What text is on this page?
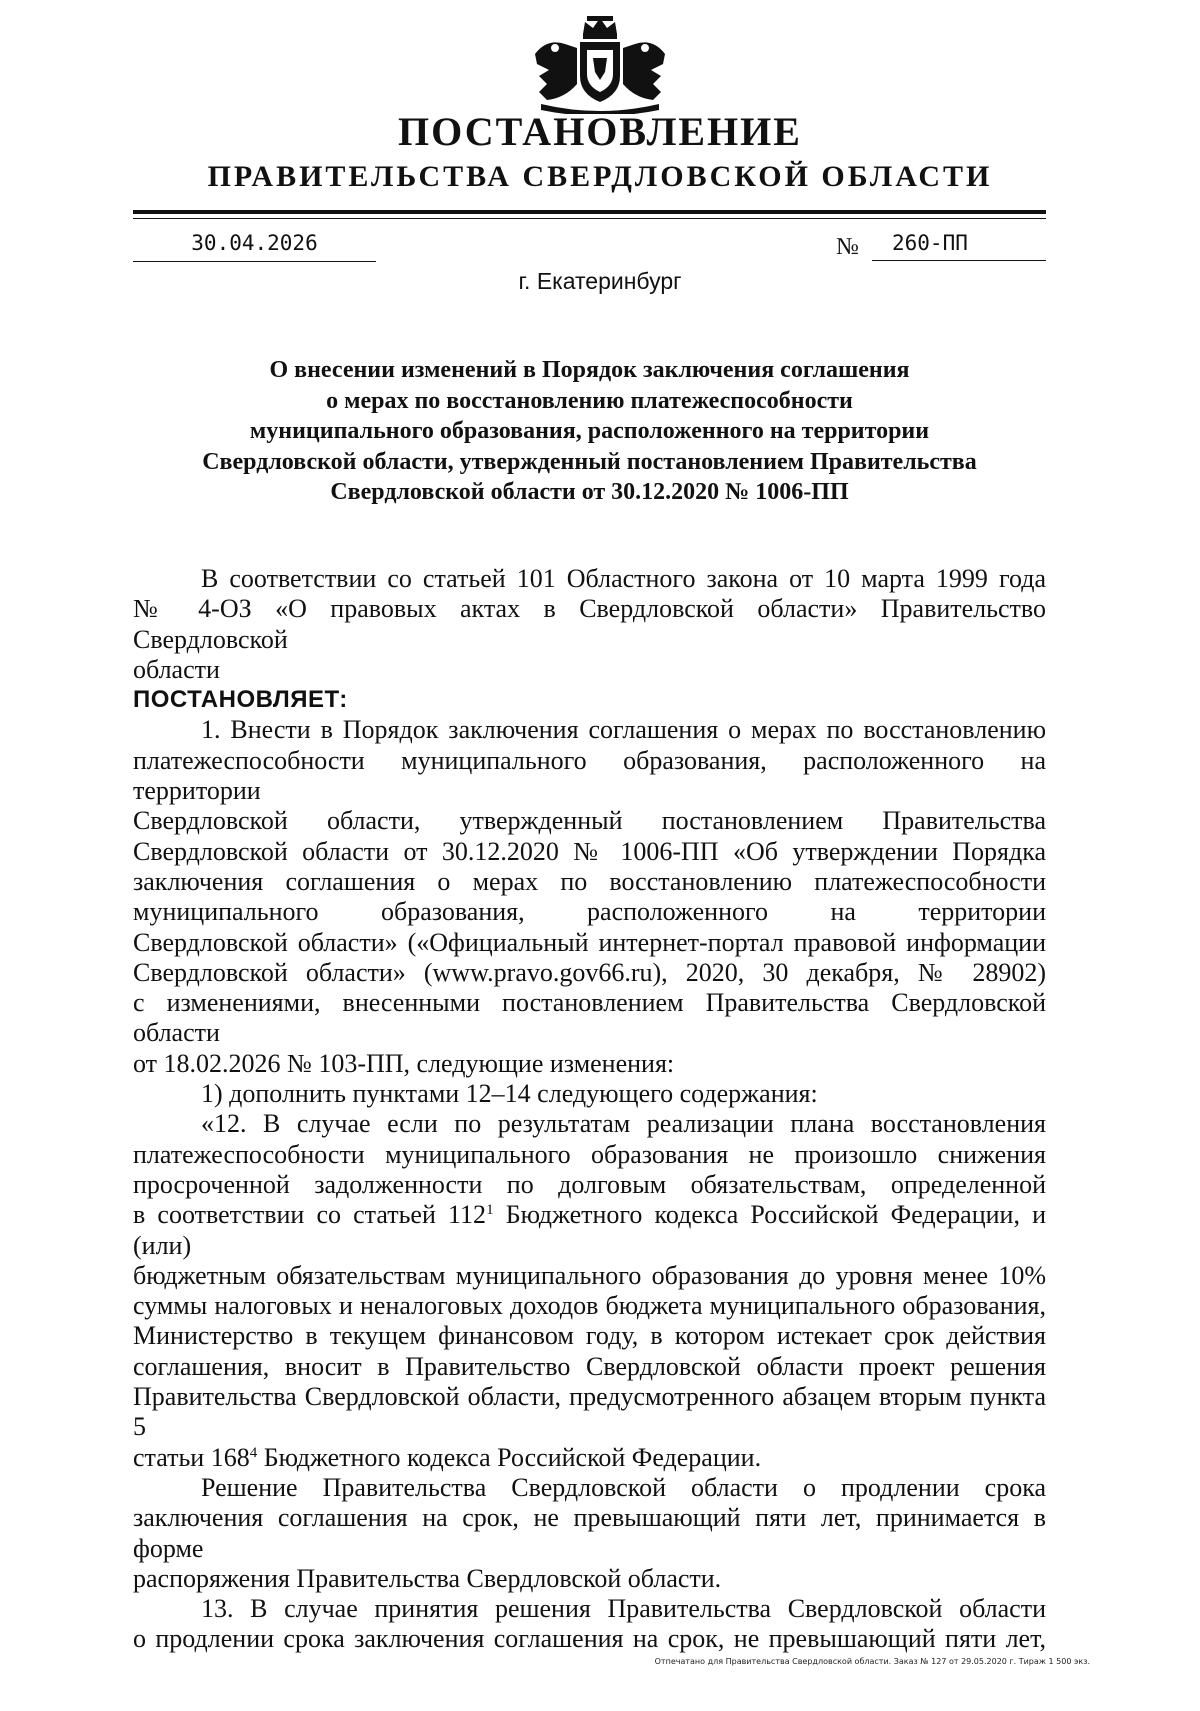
ПОСТАНОВЛЕНИЕ
ПРАВИТЕЛЬСТВА СВЕРДЛОВСКОЙ ОБЛАСТИ
30.04.2026	№	260-ПП
г. Екатеринбург
О внесении изменений в Порядок заключения соглашения
о мерах по восстановлению платежеспособности
муниципального образования, расположенного на территории
Свердловской области, утвержденный постановлением Правительства
Свердловской области от 30.12.2020 № 1006-ПП

В соответствии со статьей 101 Областного закона от 10 марта 1999 года

№ 4-ОЗ «О правовых актах в Свердловской области» Правительство Свердловской

области

ПОСТАНОВЛЯЕТ:

1. Внести в Порядок заключения соглашения о мерах по восстановлению

платежеспособности муниципального образования, расположенного на территории

Свердловской области, утвержденный постановлением Правительства

Свердловской области от 30.12.2020 № 1006-ПП «Об утверждении Порядка

заключения соглашения о мерах по восстановлению платежеспособности

муниципального образования, расположенного на территории

Свердловской области» («Официальный интернет-портал правовой информации

Свердловской области» (www.pravo.gov66.ru), 2020, 30 декабря, № 28902)

с изменениями, внесенными постановлением Правительства Свердловской области

от 18.02.2026 № 103-ПП, следующие изменения:

1) дополнить пунктами 12–14 следующего содержания:

«12. В случае если по результатам реализации плана восстановления

платежеспособности муниципального образования не произошло снижения

просроченной задолженности по долговым обязательствам, определенной

в соответствии со статьей $112^1$ Бюджетного кодекса Российской Федерации, и (или)

бюджетным обязательствам муниципального образования до уровня менее 10%

суммы налоговых и неналоговых доходов бюджета муниципального образования,

Министерство в текущем финансовом году, в котором истекает срок действия

соглашения, вносит в Правительство Свердловской области проект решения

Правительства Свердловской области, предусмотренного абзацем вторым пункта 5

статьи $168^4$ Бюджетного кодекса Российской Федерации.

Решение Правительства Свердловской области о продлении срока

заключения соглашения на срок, не превышающий пяти лет, принимается в форме

распоряжения Правительства Свердловской области.

13. В случае принятия решения Правительства Свердловской области

о продлении срока заключения соглашения на срок, не превышающий пяти лет,

Отпечатано для Правительства Свердловской области. Заказ № 127 от 29.05.2020 г. Тираж 1 500 экз.
